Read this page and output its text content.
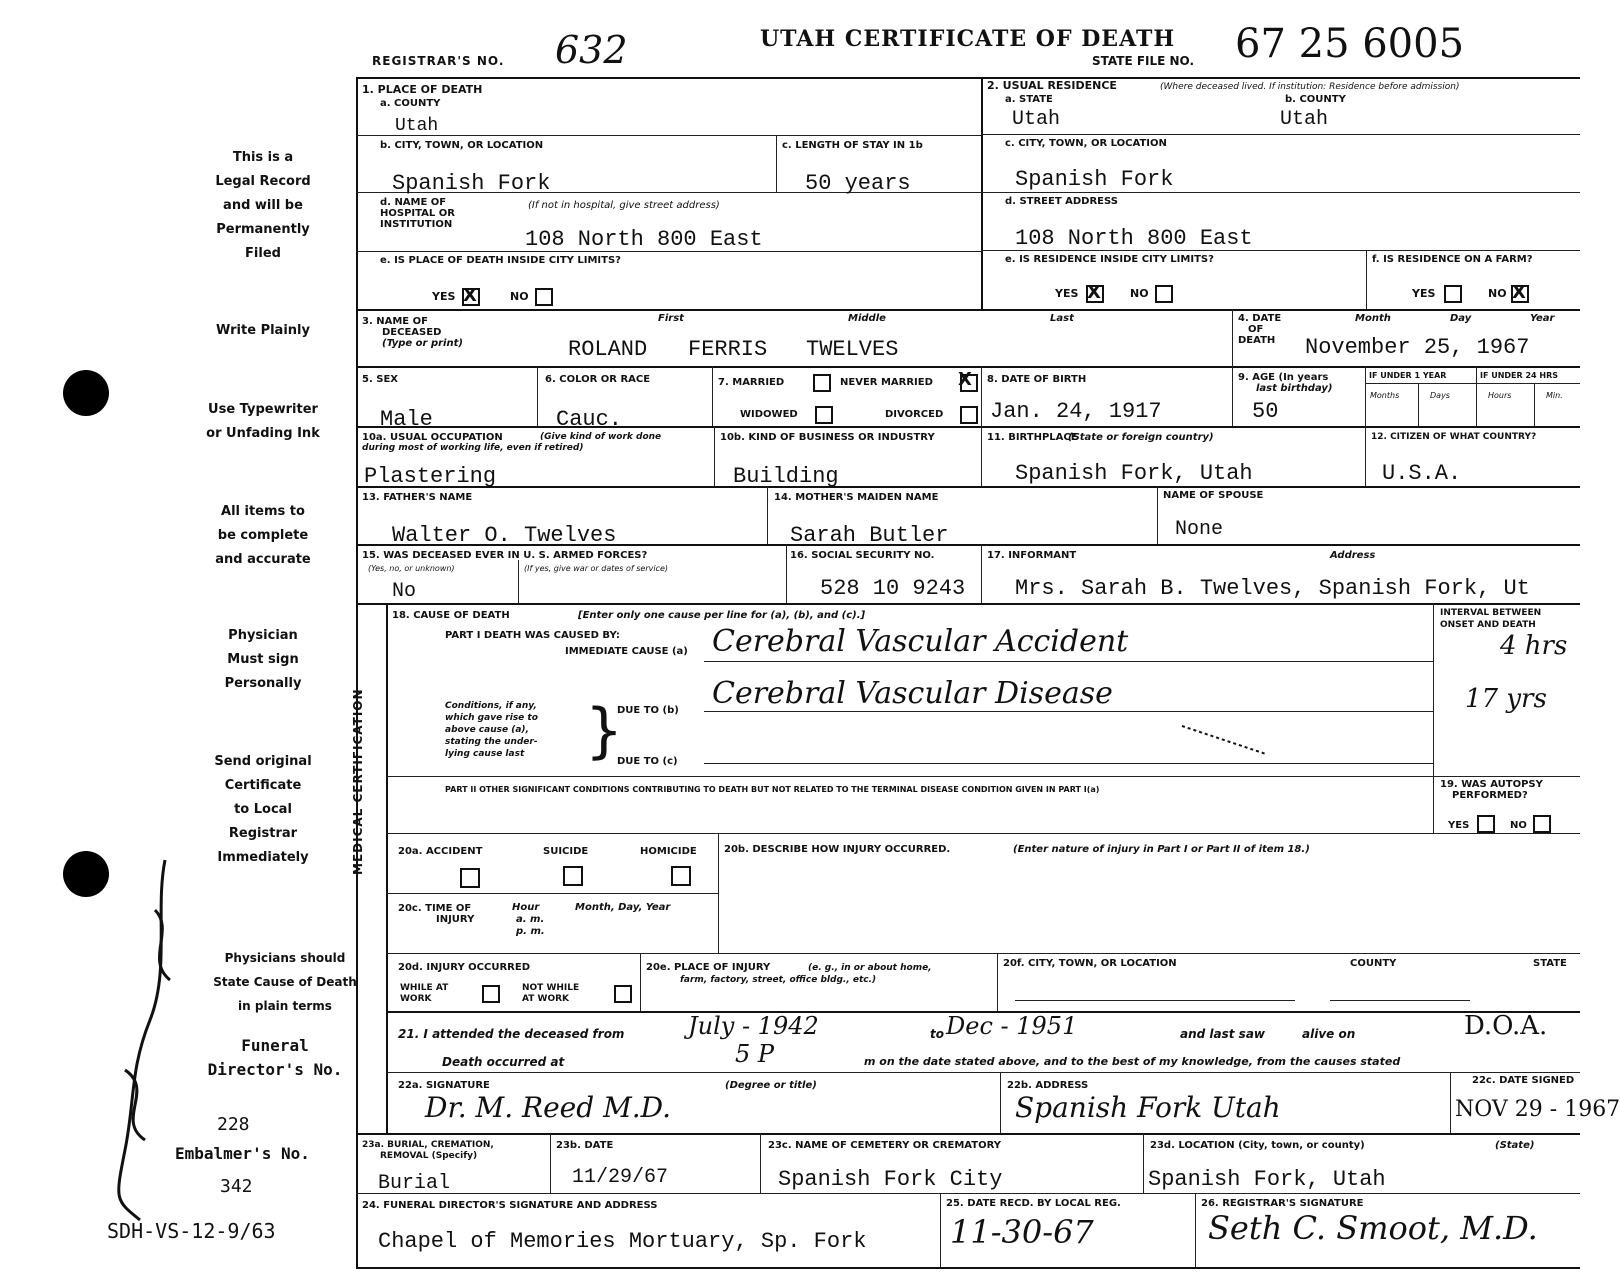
REGISTRAR'S NO. 632	UTAH CERTIFICATE OF DEATH
STATE FILE NO. 67 25 6005
This is a
Legal Record
and will be
Permanently
Filed
Write Plainly
Use Typewriter
or Unfading Ink
All items to
be complete
and accurate
Physician
Must sign
Personally
Send original
Certificate
to Local
Registrar
Immediately
Physicians should
State Cause of Death
in plain terms
Funeral
Director's No.
228
Embalmer's No.
342
SDH-VS-12-9/63
1. PLACE OF DEATH
a. COUNTY
Utah
b. CITY, TOWN, OR LOCATION
Spanish Fork
c. LENGTH OF STAY IN 1b
50 years
d. NAME OF
HOSPITAL OR
INSTITUTION
(If not in hospital, give street address)
108 North 800 East
e. IS PLACE OF DEATH INSIDE CITY LIMITS?
YES X	NO
2. USUAL RESIDENCE	(Where deceased lived. If institution: Residence before admission)
a. STATE
Utah
b. COUNTY
Utah
c. CITY, TOWN, OR LOCATION
Spanish Fork
d. STREET ADDRESS
108 North 800 East
e. IS RESIDENCE INSIDE CITY LIMITS?
YES X	NO
f. IS RESIDENCE ON A FARM?
YES	NO X
3. NAME OF
DECEASED
(Type or print)
First	Middle	Last
ROLAND FERRIS TWELVES
4. DATE
OF
DEATH
Month	Day	Year
November 25, 1967
5. SEX
Male
6. COLOR OR RACE
Cauc.
7. MARRIED	NEVER MARRIED X
WIDOWED	DIVORCED
8. DATE OF BIRTH
Jan. 24, 1917
9. AGE (In years
last birthday)
50
IF UNDER 1 YEAR	IF UNDER 24 HRS
Months	Days	Hours	Min.
10a. USUAL OCCUPATION	(Give kind of work done
during most of working life, even if retired)
Plastering
10b. KIND OF BUSINESS OR INDUSTRY
Building
11. BIRTHPLACE
(State or foreign country)
Spanish Fork, Utah
12. CITIZEN OF WHAT COUNTRY?
U.S.A.
13. FATHER'S NAME
Walter O. Twelves
14. MOTHER'S MAIDEN NAME
Sarah Butler
NAME OF SPOUSE
None
15. WAS DECEASED EVER IN U. S. ARMED FORCES?
(Yes, no, or unknown)	(If yes, give war or dates of service)
No
16. SOCIAL SECURITY NO.
528 10 9243
17. INFORMANT	Address
Mrs. Sarah B. Twelves, Spanish Fork, Ut
MEDICAL CERTIFICATION
18. CAUSE OF DEATH	[Enter only one cause per line for (a), (b), and (c).]
PART I DEATH WAS CAUSED BY:
IMMEDIATE CAUSE (a) Cerebral Vascular Accident
Conditions, if any,
which gave rise to
above cause (a),
stating the under-
lying cause last }
DUE TO (b) Cerebral Vascular Disease
DUE TO (c)
INTERVAL BETWEEN
ONSET AND DEATH
4 hrs
17 yrs
PART II OTHER SIGNIFICANT CONDITIONS CONTRIBUTING TO DEATH BUT NOT RELATED TO THE TERMINAL DISEASE CONDITION GIVEN IN PART I(a)	19. WAS AUTOPSY
PERFORMED?
YES	NO
20a. ACCIDENT	SUICIDE	HOMICIDE	20b. DESCRIBE HOW INJURY OCCURRED.	(Enter nature of injury in Part I or Part II of item 18.)
20c. TIME OF
INJURY
Hour
a. m.
p. m.
Month, Day, Year
20d. INJURY OCCURRED
WHILE AT
WORK
NOT WHILE
AT WORK
20e. PLACE OF INJURY	(e. g., in or about home,
farm, factory, street, office bldg., etc.)
20f. CITY, TOWN, OR LOCATION	COUNTY	STATE
21. I attended the deceased from	July - 1942	to Dec - 1951	and last saw	alive on	D.O.A.
Death occurred at	5 P	m on the date stated above, and to the best of my knowledge, from the causes stated
22a. SIGNATURE	(Degree or title)
Dr. M. Reed M.D.
22b. ADDRESS
Spanish Fork Utah
22c. DATE SIGNED
NOV 29 - 1967
23a. BURIAL, CREMATION,
REMOVAL (Specify)
Burial
23b. DATE
11/29/67
23c. NAME OF CEMETERY OR CREMATORY
Spanish Fork City
23d. LOCATION (City, town, or county)	(State)
Spanish Fork, Utah
24. FUNERAL DIRECTOR'S SIGNATURE AND ADDRESS
Chapel of Memories Mortuary, Sp. Fork
25. DATE RECD. BY LOCAL REG.
11-30-67
26. REGISTRAR'S SIGNATURE
Seth C. Smoot, M.D.
